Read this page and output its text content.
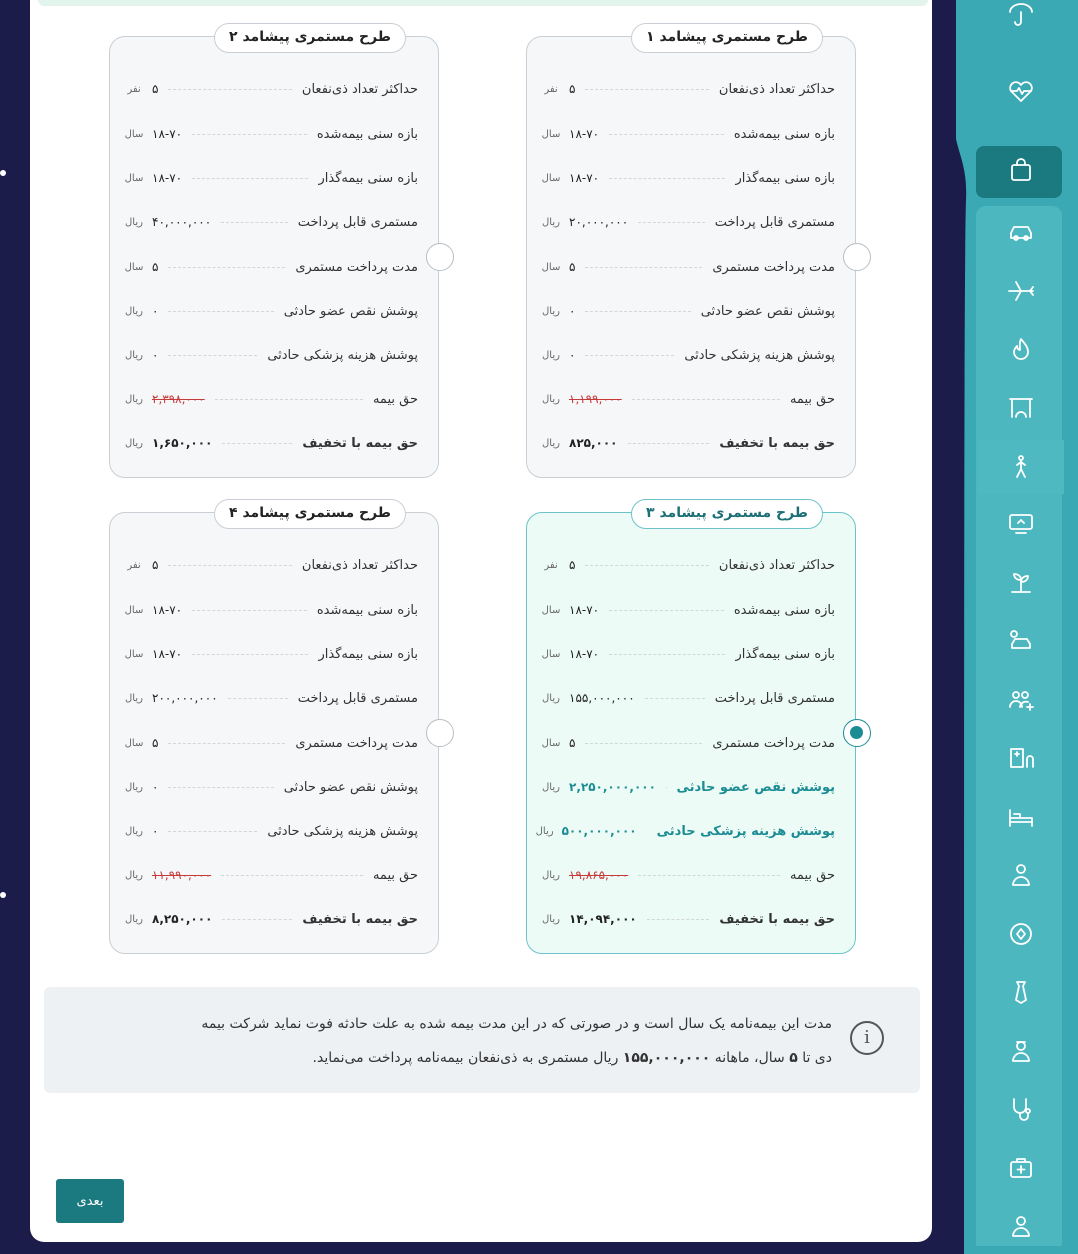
طرح مستمری پیشامد ۱
حداکثر تعداد ذی‌نفعان
۵
نفر
بازه سنی بیمه‌شده
۱۸-۷۰
سال
بازه سنی بیمه‌گذار
۱۸-۷۰
سال
مستمری قابل پرداخت
۲۰,۰۰۰,۰۰۰
ریال
مدت پرداخت مستمری
۵
سال
پوشش نقص عضو حادثی
۰
ریال
پوشش هزینه پزشکی حادثی
۰
ریال
حق بیمه
۱,۱۹۹,۰۰۰
ریال
حق بیمه با تخفیف
۸۲۵,۰۰۰
ریال
طرح مستمری پیشامد ۲
حداکثر تعداد ذی‌نفعان
۵
نفر
بازه سنی بیمه‌شده
۱۸-۷۰
سال
بازه سنی بیمه‌گذار
۱۸-۷۰
سال
مستمری قابل پرداخت
۴۰,۰۰۰,۰۰۰
ریال
مدت پرداخت مستمری
۵
سال
پوشش نقص عضو حادثی
۰
ریال
پوشش هزینه پزشکی حادثی
۰
ریال
حق بیمه
۲,۳۹۸,۰۰۰
ریال
حق بیمه با تخفیف
۱,۶۵۰,۰۰۰
ریال
طرح مستمری پیشامد ۳
حداکثر تعداد ذی‌نفعان
۵
نفر
بازه سنی بیمه‌شده
۱۸-۷۰
سال
بازه سنی بیمه‌گذار
۱۸-۷۰
سال
مستمری قابل پرداخت
۱۵۵,۰۰۰,۰۰۰
ریال
مدت پرداخت مستمری
۵
سال
پوشش نقص عضو حادثی
۲,۲۵۰,۰۰۰,۰۰۰
ریال
پوشش هزینه پزشکی حادثی
۵۰۰,۰۰۰,۰۰۰
ریال
حق بیمه
۱۹,۸۶۵,۰۰۰
ریال
حق بیمه با تخفیف
۱۴,۰۹۴,۰۰۰
ریال
طرح مستمری پیشامد ۴
حداکثر تعداد ذی‌نفعان
۵
نفر
بازه سنی بیمه‌شده
۱۸-۷۰
سال
بازه سنی بیمه‌گذار
۱۸-۷۰
سال
مستمری قابل پرداخت
۲۰۰,۰۰۰,۰۰۰
ریال
مدت پرداخت مستمری
۵
سال
پوشش نقص عضو حادثی
۰
ریال
پوشش هزینه پزشکی حادثی
۰
ریال
حق بیمه
۱۱,۹۹۰,۰۰۰
ریال
حق بیمه با تخفیف
۸,۲۵۰,۰۰۰
ریال
i
مدت این بیمه‌نامه یک سال است و در صورتی که در این مدت بیمه شده به علت حادثه فوت نماید شرکت بیمه
دی تا ۵ سال، ماهانه ۱۵۵,۰۰۰,۰۰۰ ریال مستمری به ذی‌نفعان بیمه‌نامه پرداخت می‌نماید.
بعدی
